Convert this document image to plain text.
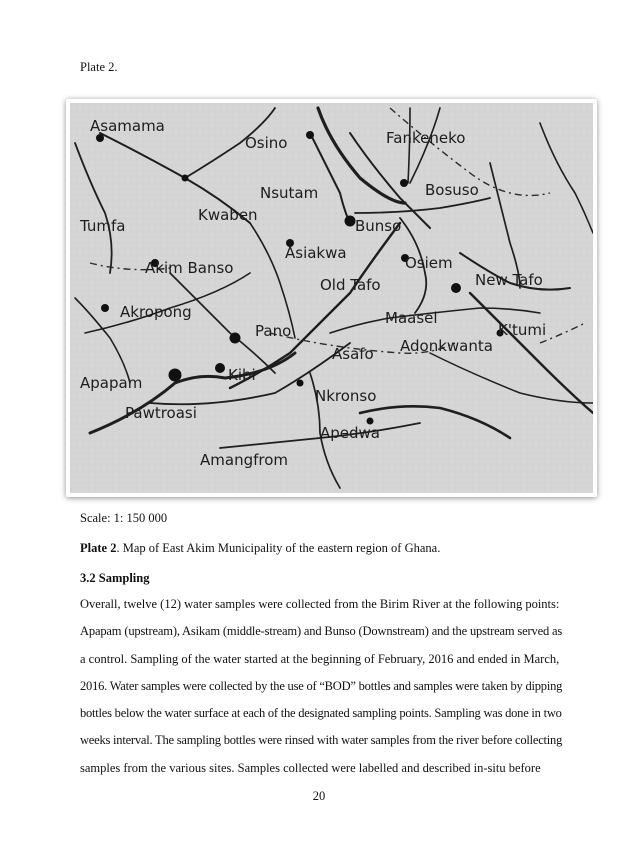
Plate 2.
Asamama
Osino	Fankeneko
Nsutam	Bosuso
Kwaben
Tumfa	Bunso
Asiakwa
Osiem
Akim Banso
Old Tafo	New Tafo
Akropong	Maasel
Pano	K'tumi
Asafo Adonkwanta
Apapam	Kibi
Nkronso
Pawtroasi
Apedwa
Amangfrom
Scale: 1: 150 000
Plate 2. Map of East Akim Municipality of the eastern region of Ghana.
3.2 Sampling
Overall, twelve (12) water samples were collected from the Birim River at the following points:
Apapam (upstream), Asikam (middle-stream) and Bunso (Downstream) and the upstream served as
a control. Sampling of the water started at the beginning of February, 2016 and ended in March,
2016. Water samples were collected by the use of “BOD” bottles and samples were taken by dipping
bottles below the water surface at each of the designated sampling points. Sampling was done in two
weeks interval. The sampling bottles were rinsed with water samples from the river before collecting
samples from the various sites. Samples collected were labelled and described in-situ before
20
